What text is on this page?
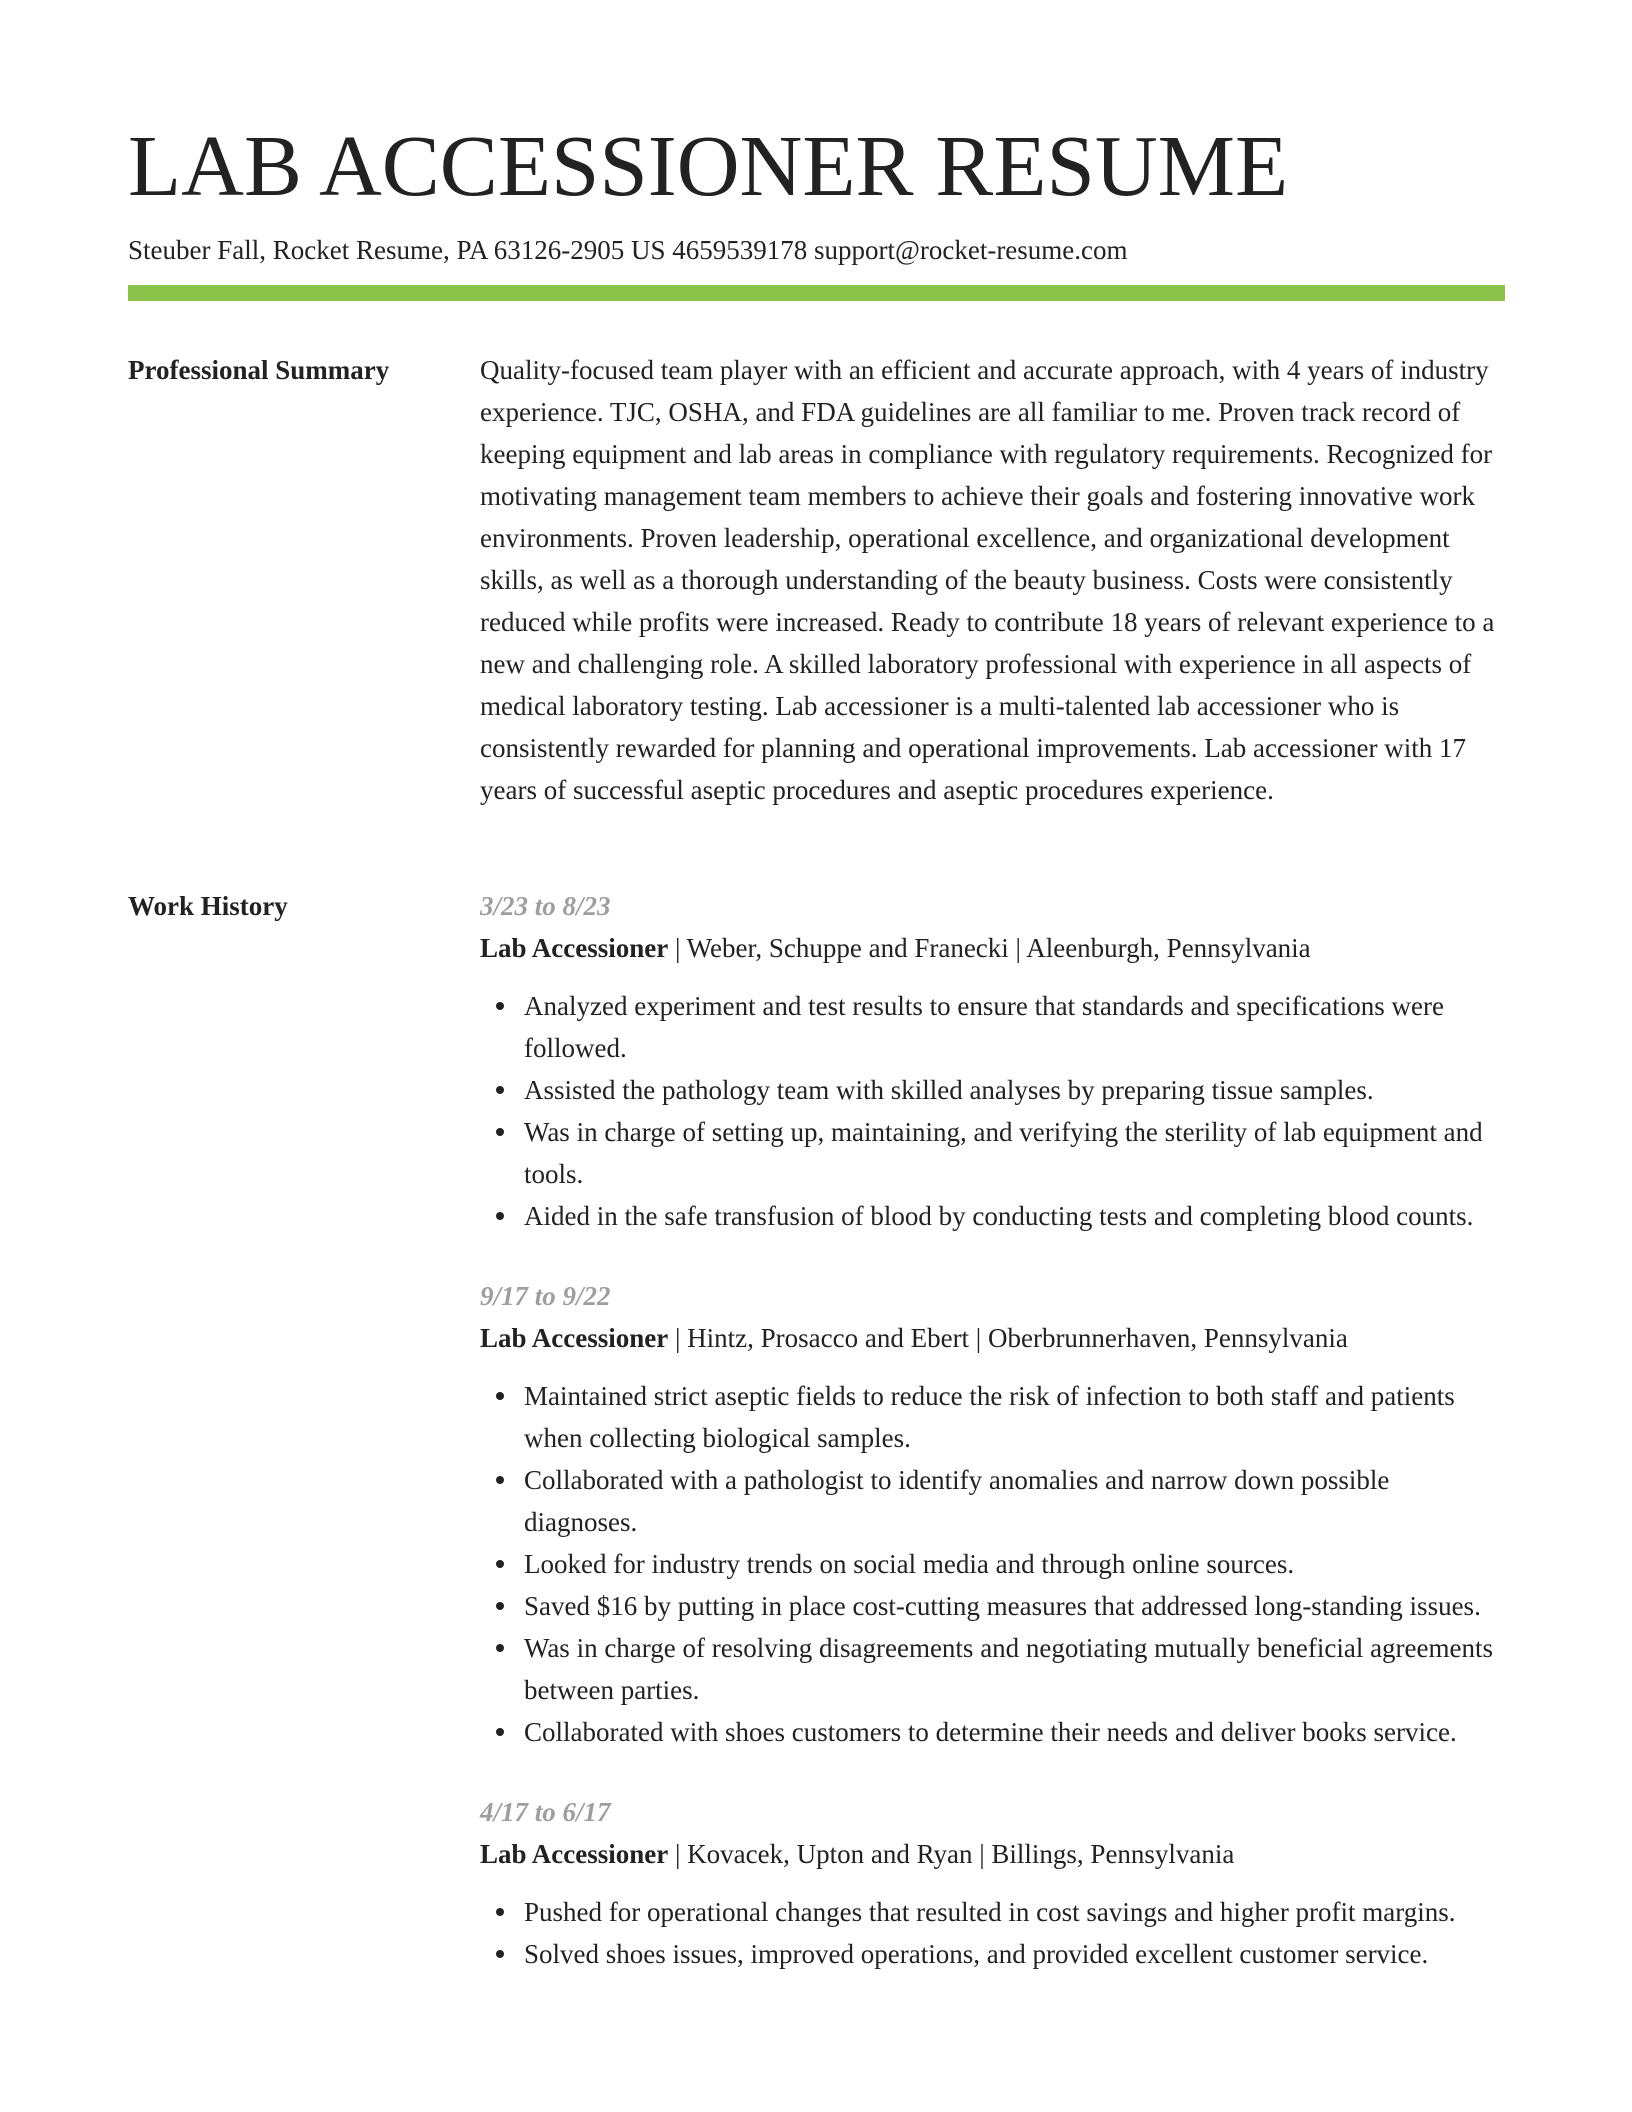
LAB ACCESSIONER RESUME
Steuber Fall, Rocket Resume, PA 63126-2905 US 4659539178 support@rocket-resume.com
Professional Summary	Quality-focused team player with an efficient and accurate approach, with 4 years of industry experience. TJC, OSHA, and FDA guidelines are all familiar to me. Proven track record of keeping equipment and lab areas in compliance with regulatory requirements. Recognized for motivating management team members to achieve their goals and fostering innovative work environments. Proven leadership, operational excellence, and organizational development skills, as well as a thorough understanding of the beauty business. Costs were consistently reduced while profits were increased. Ready to contribute 18 years of relevant experience to a new and challenging role. A skilled laboratory professional with experience in all aspects of medical laboratory testing. Lab accessioner is a multi-talented lab accessioner who is consistently rewarded for planning and operational improvements. Lab accessioner with 17 years of successful aseptic procedures and aseptic procedures experience.

Work History	3/23 to 8/23
Lab Accessioner | Weber, Schuppe and Franecki | Aleenburgh, Pennsylvania
Analyzed experiment and test results to ensure that standards and specifications were followed.
Assisted the pathology team with skilled analyses by preparing tissue samples.
Was in charge of setting up, maintaining, and verifying the sterility of lab equipment and tools.
Aided in the safe transfusion of blood by conducting tests and completing blood counts.
9/17 to 9/22
Lab Accessioner | Hintz, Prosacco and Ebert | Oberbrunnerhaven, Pennsylvania
Maintained strict aseptic fields to reduce the risk of infection to both staff and patients when collecting biological samples.
Collaborated with a pathologist to identify anomalies and narrow down possible diagnoses.
Looked for industry trends on social media and through online sources.
Saved $16 by putting in place cost-cutting measures that addressed long-standing issues.
Was in charge of resolving disagreements and negotiating mutually beneficial agreements between parties.
Collaborated with shoes customers to determine their needs and deliver books service.
4/17 to 6/17
Lab Accessioner | Kovacek, Upton and Ryan | Billings, Pennsylvania
Pushed for operational changes that resulted in cost savings and higher profit margins.
Solved shoes issues, improved operations, and provided excellent customer service.
